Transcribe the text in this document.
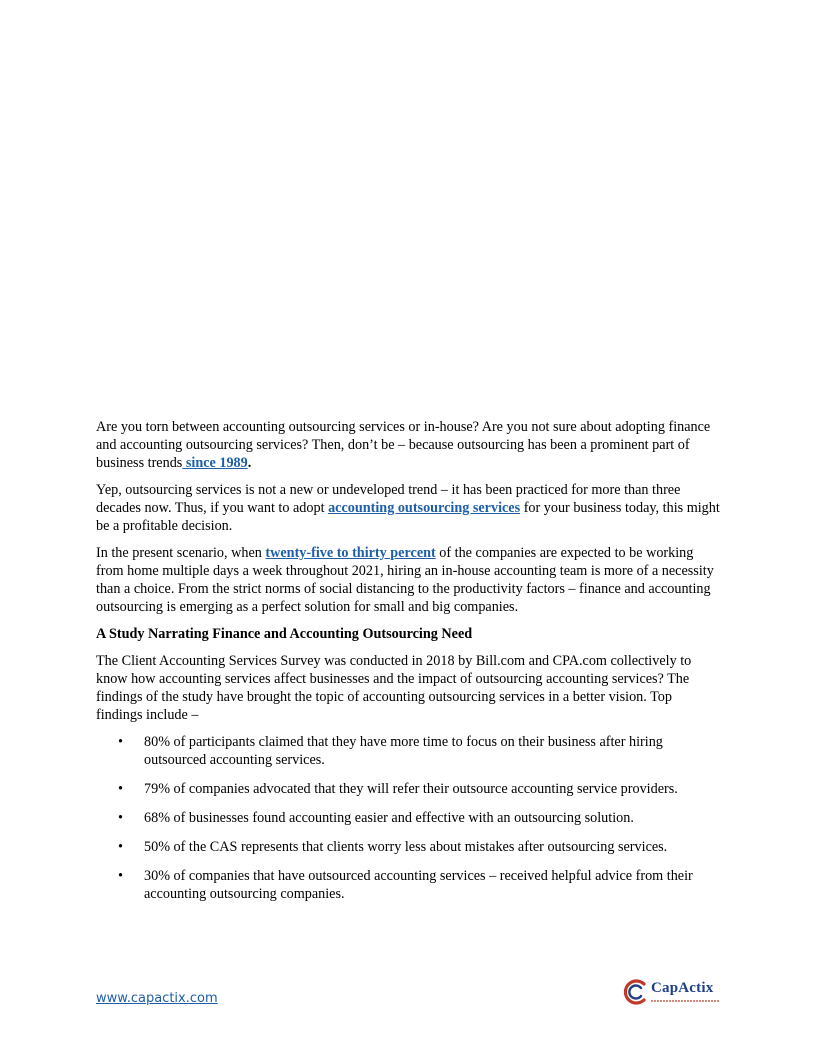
Are you torn between accounting outsourcing services or in-house? Are you not sure about adopting finance and accounting outsourcing services? Then, don’t be – because outsourcing has been a prominent part of business trends since 1989.

Yep, outsourcing services is not a new or undeveloped trend – it has been practiced for more than three decades now. Thus, if you want to adopt accounting outsourcing services for your business today, this might be a profitable decision.

In the present scenario, when twenty-five to thirty percent of the companies are expected to be working from home multiple days a week throughout 2021, hiring an in-house accounting team is more of a necessity than a choice. From the strict norms of social distancing to the productivity factors – finance and accounting outsourcing is emerging as a perfect solution for small and big companies.

A Study Narrating Finance and Accounting Outsourcing Need

The Client Accounting Services Survey was conducted in 2018 by Bill.com and CPA.com collectively to know how accounting services affect businesses and the impact of outsourcing accounting services? The findings of the study have brought the topic of accounting outsourcing services in a better vision. Top findings include –

• 80% of participants claimed that they have more time to focus on their business after hiring outsourced accounting services.
• 79% of companies advocated that they will refer their outsource accounting service providers.
• 68% of businesses found accounting easier and effective with an outsourcing solution.
• 50% of the CAS represents that clients worry less about mistakes after outsourcing services.
• 30% of companies that have outsourced accounting services – received helpful advice from their accounting outsourcing companies.
www.capactix.com
CapActix
